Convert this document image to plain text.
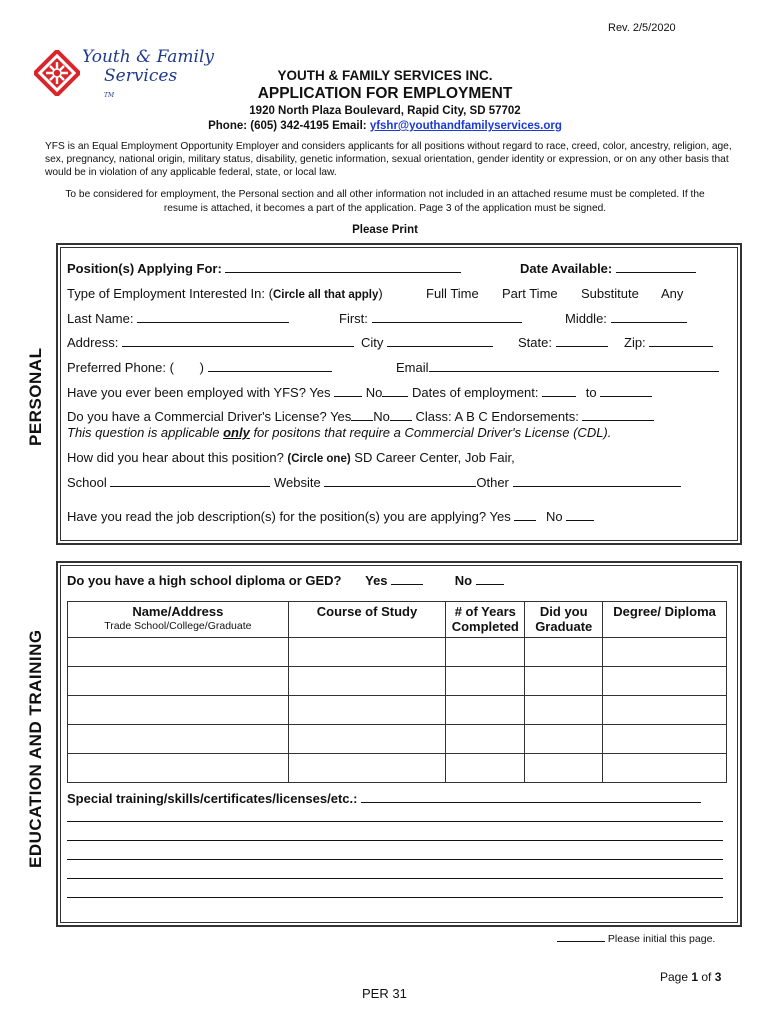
Rev. 2/5/2020
Youth & Family
Services
TM
YOUTH & FAMILY SERVICES INC.
APPLICATION FOR EMPLOYMENT
1920 North Plaza Boulevard, Rapid City, SD 57702
Phone: (605) 342-4195 Email: yfshr@youthandfamilyservices.org
YFS is an Equal Employment Opportunity Employer and considers applicants for all positions without regard to race, creed, color, ancestry, religion, age, sex, pregnancy, national origin, military status, disability, genetic information, sexual orientation, gender identity or expression, or on any other basis that would be in violation of any applicable federal, state, or local law.
To be considered for employment, the Personal section and all other information not included in an attached resume must be completed. If the resume is attached, it becomes a part of the application. Page 3 of the application must be signed.
Please Print
PERSONAL
Position(s) Applying For:	Date Available:
Type of Employment Interested In: (Circle all that apply)	Full Time Part Time Substitute Any
Last Name:	First:	Middle:
Address:	City	State:	Zip:
Preferred Phone: ( )	Email
Have you ever been employed with YFS? Yes	No Dates of employment:	to
Do you have a Commercial Driver's License? Yes No Class: A B C Endorsements:
This question is applicable only for positons that require a Commercial Driver's License (CDL).
How did you hear about this position? (Circle one) SD Career Center, Job Fair,
School	Website	Other
Have you read the job description(s) for the position(s) you are applying? Yes	No
EDUCATION AND TRAINING
Do you have a high school diploma or GED? Yes	No
Name/Address
Trade School/College/Graduate	Course of Study	# of Years Completed	Did you Graduate	Degree/ Diploma

Special training/skills/certificates/licenses/etc.:
Please initial this page.
Page 1 of 3
PER 31
